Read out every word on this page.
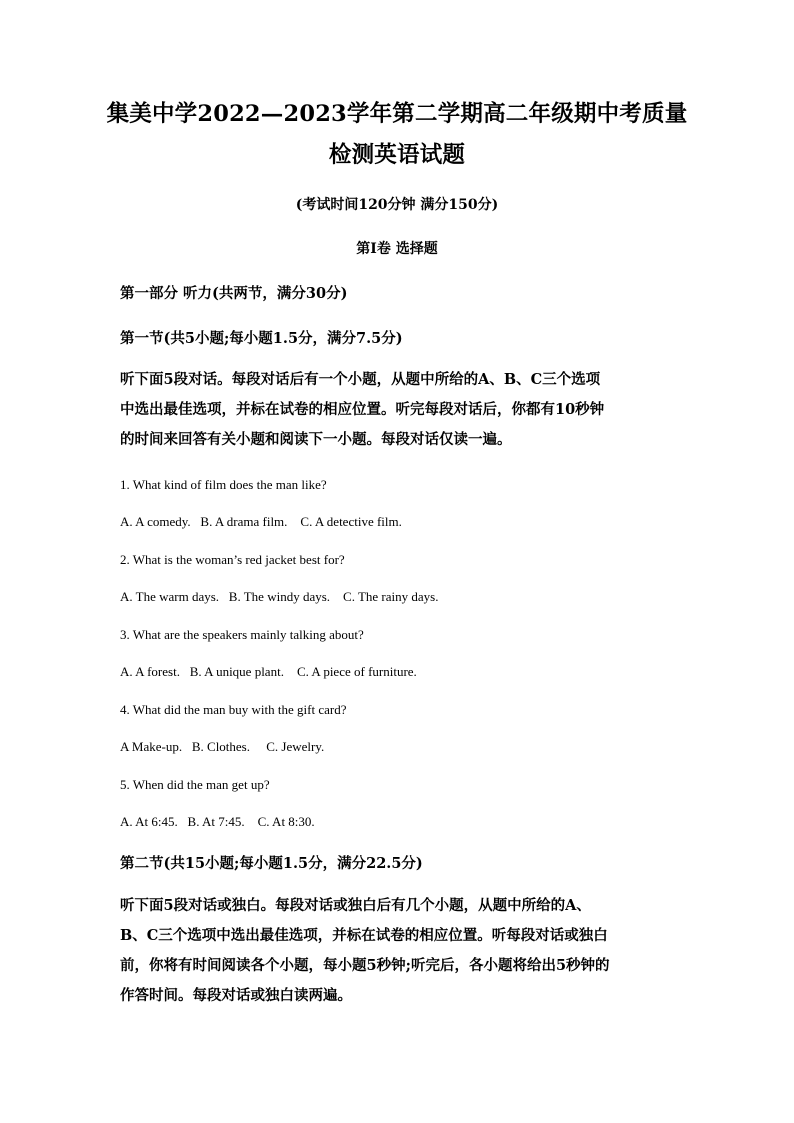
集美中学2022—2023学年第二学期高二年级期中考质量
检测英语试题
(考试时间120分钟 满分150分)
第I卷 选择题
第一部分 听力(共两节，满分30分)
第一节(共5小题;每小题1.5分，满分7.5分)
听下面5段对话。每段对话后有一个小题，从题中所给的A、B、C三个选项
中选出最佳选项，并标在试卷的相应位置。听完每段对话后，你都有10秒钟
的时间来回答有关小题和阅读下一小题。每段对话仅读一遍。
1. What kind of film does the man like?
A. A comedy.   B. A drama film.    C. A detective film.
2. What is the woman’s red jacket best for?
A. The warm days.   B. The windy days.    C. The rainy days.
3. What are the speakers mainly talking about?
A. A forest.   B. A unique plant.    C. A piece of furniture.
4. What did the man buy with the gift card?
A Make-up.   B. Clothes.     C. Jewelry.
5. When did the man get up?
A. At 6:45.   B. At 7:45.    C. At 8:30.
第二节(共15小题;每小题1.5分，满分22.5分)
听下面5段对话或独白。每段对话或独白后有几个小题，从题中所给的A、
B、C三个选项中选出最佳选项，并标在试卷的相应位置。听每段对话或独白
前，你将有时间阅读各个小题，每小题5秒钟;听完后，各小题将给出5秒钟的
作答时间。每段对话或独白读两遍。
